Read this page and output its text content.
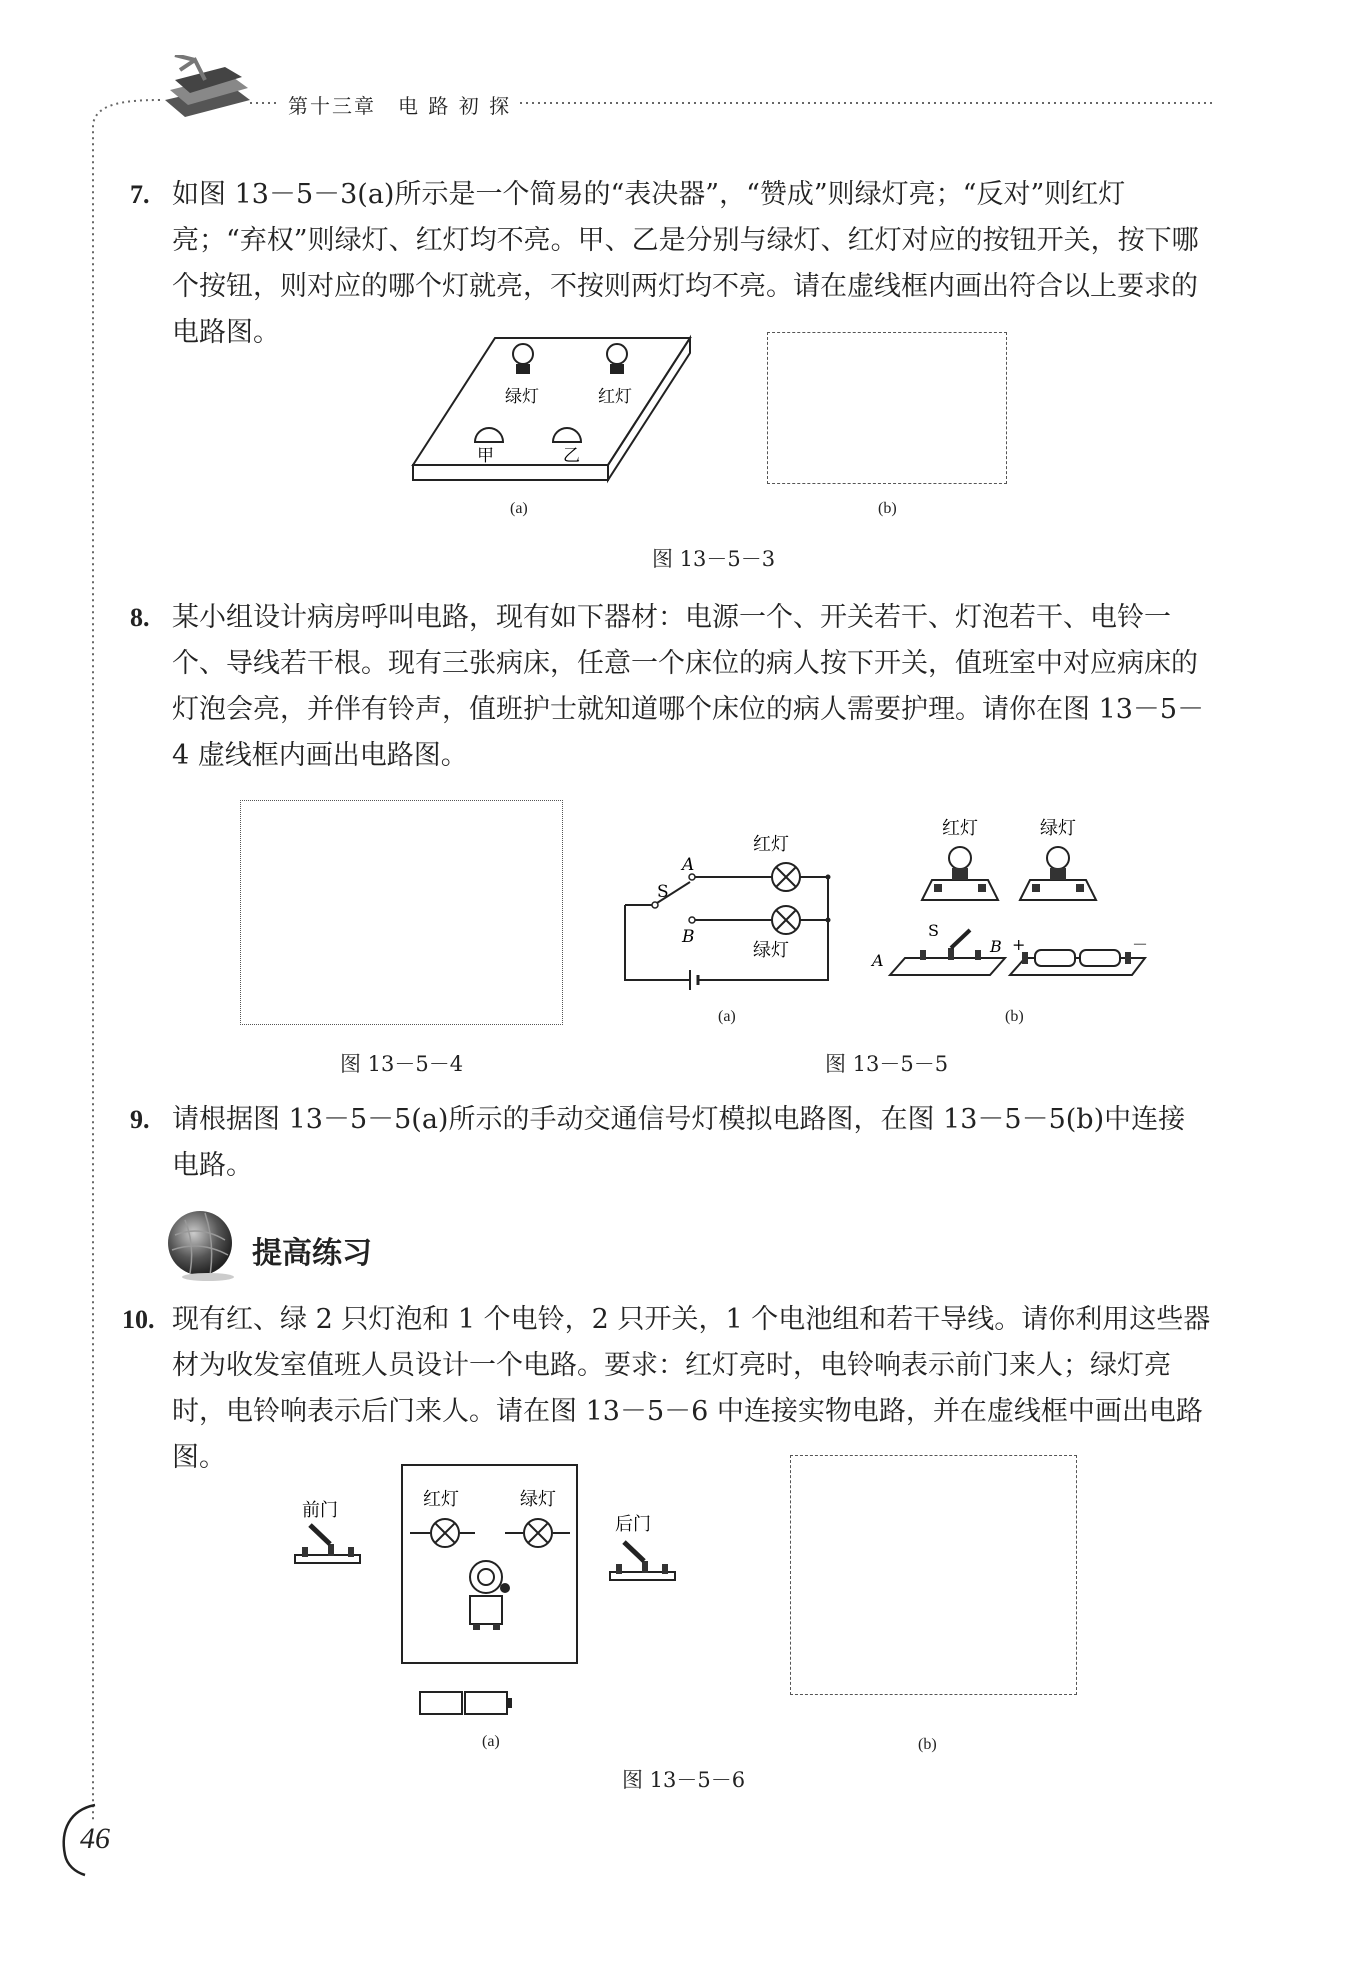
第十三章　电 路 初 探
7. 如图 13－5－3(a)所示是一个简易的“表决器”，“赞成”则绿灯亮；“反对”则红灯亮；“弃权”则绿灯、红灯均不亮。甲、乙是分别与绿灯、红灯对应的按钮开关，按下哪个按钮，则对应的哪个灯就亮，不按则两灯均不亮。请在虚线框内画出符合以上要求的电路图。
绿灯	红灯
甲	乙
(a)	(b)
图 13－5－3
8. 某小组设计病房呼叫电路，现有如下器材：电源一个、开关若干、灯泡若干、电铃一个、导线若干根。现有三张病床，任意一个床位的病人按下开关，值班室中对应病床的灯泡会亮，并伴有铃声，值班护士就知道哪个床位的病人需要护理。请你在图 13－5－4 虚线框内画出电路图。
图 13－5－4
红灯
绿灯
A
B
S
红灯	绿灯
A
B
S
+	－
(a)	(b)
图 13－5－5
9. 请根据图 13－5－5(a)所示的手动交通信号灯模拟电路图，在图 13－5－5(b)中连接电路。
提高练习
10. 现有红、绿 2 只灯泡和 1 个电铃，2 只开关，1 个电池组和若干导线。请你利用这些器材为收发室值班人员设计一个电路。要求：红灯亮时，电铃响表示前门来人；绿灯亮时，电铃响表示后门来人。请在图 13－5－6 中连接实物电路，并在虚线框中画出电路图。
前门
红灯	绿灯
后门
(a)	(b)
图 13－5－6
46
